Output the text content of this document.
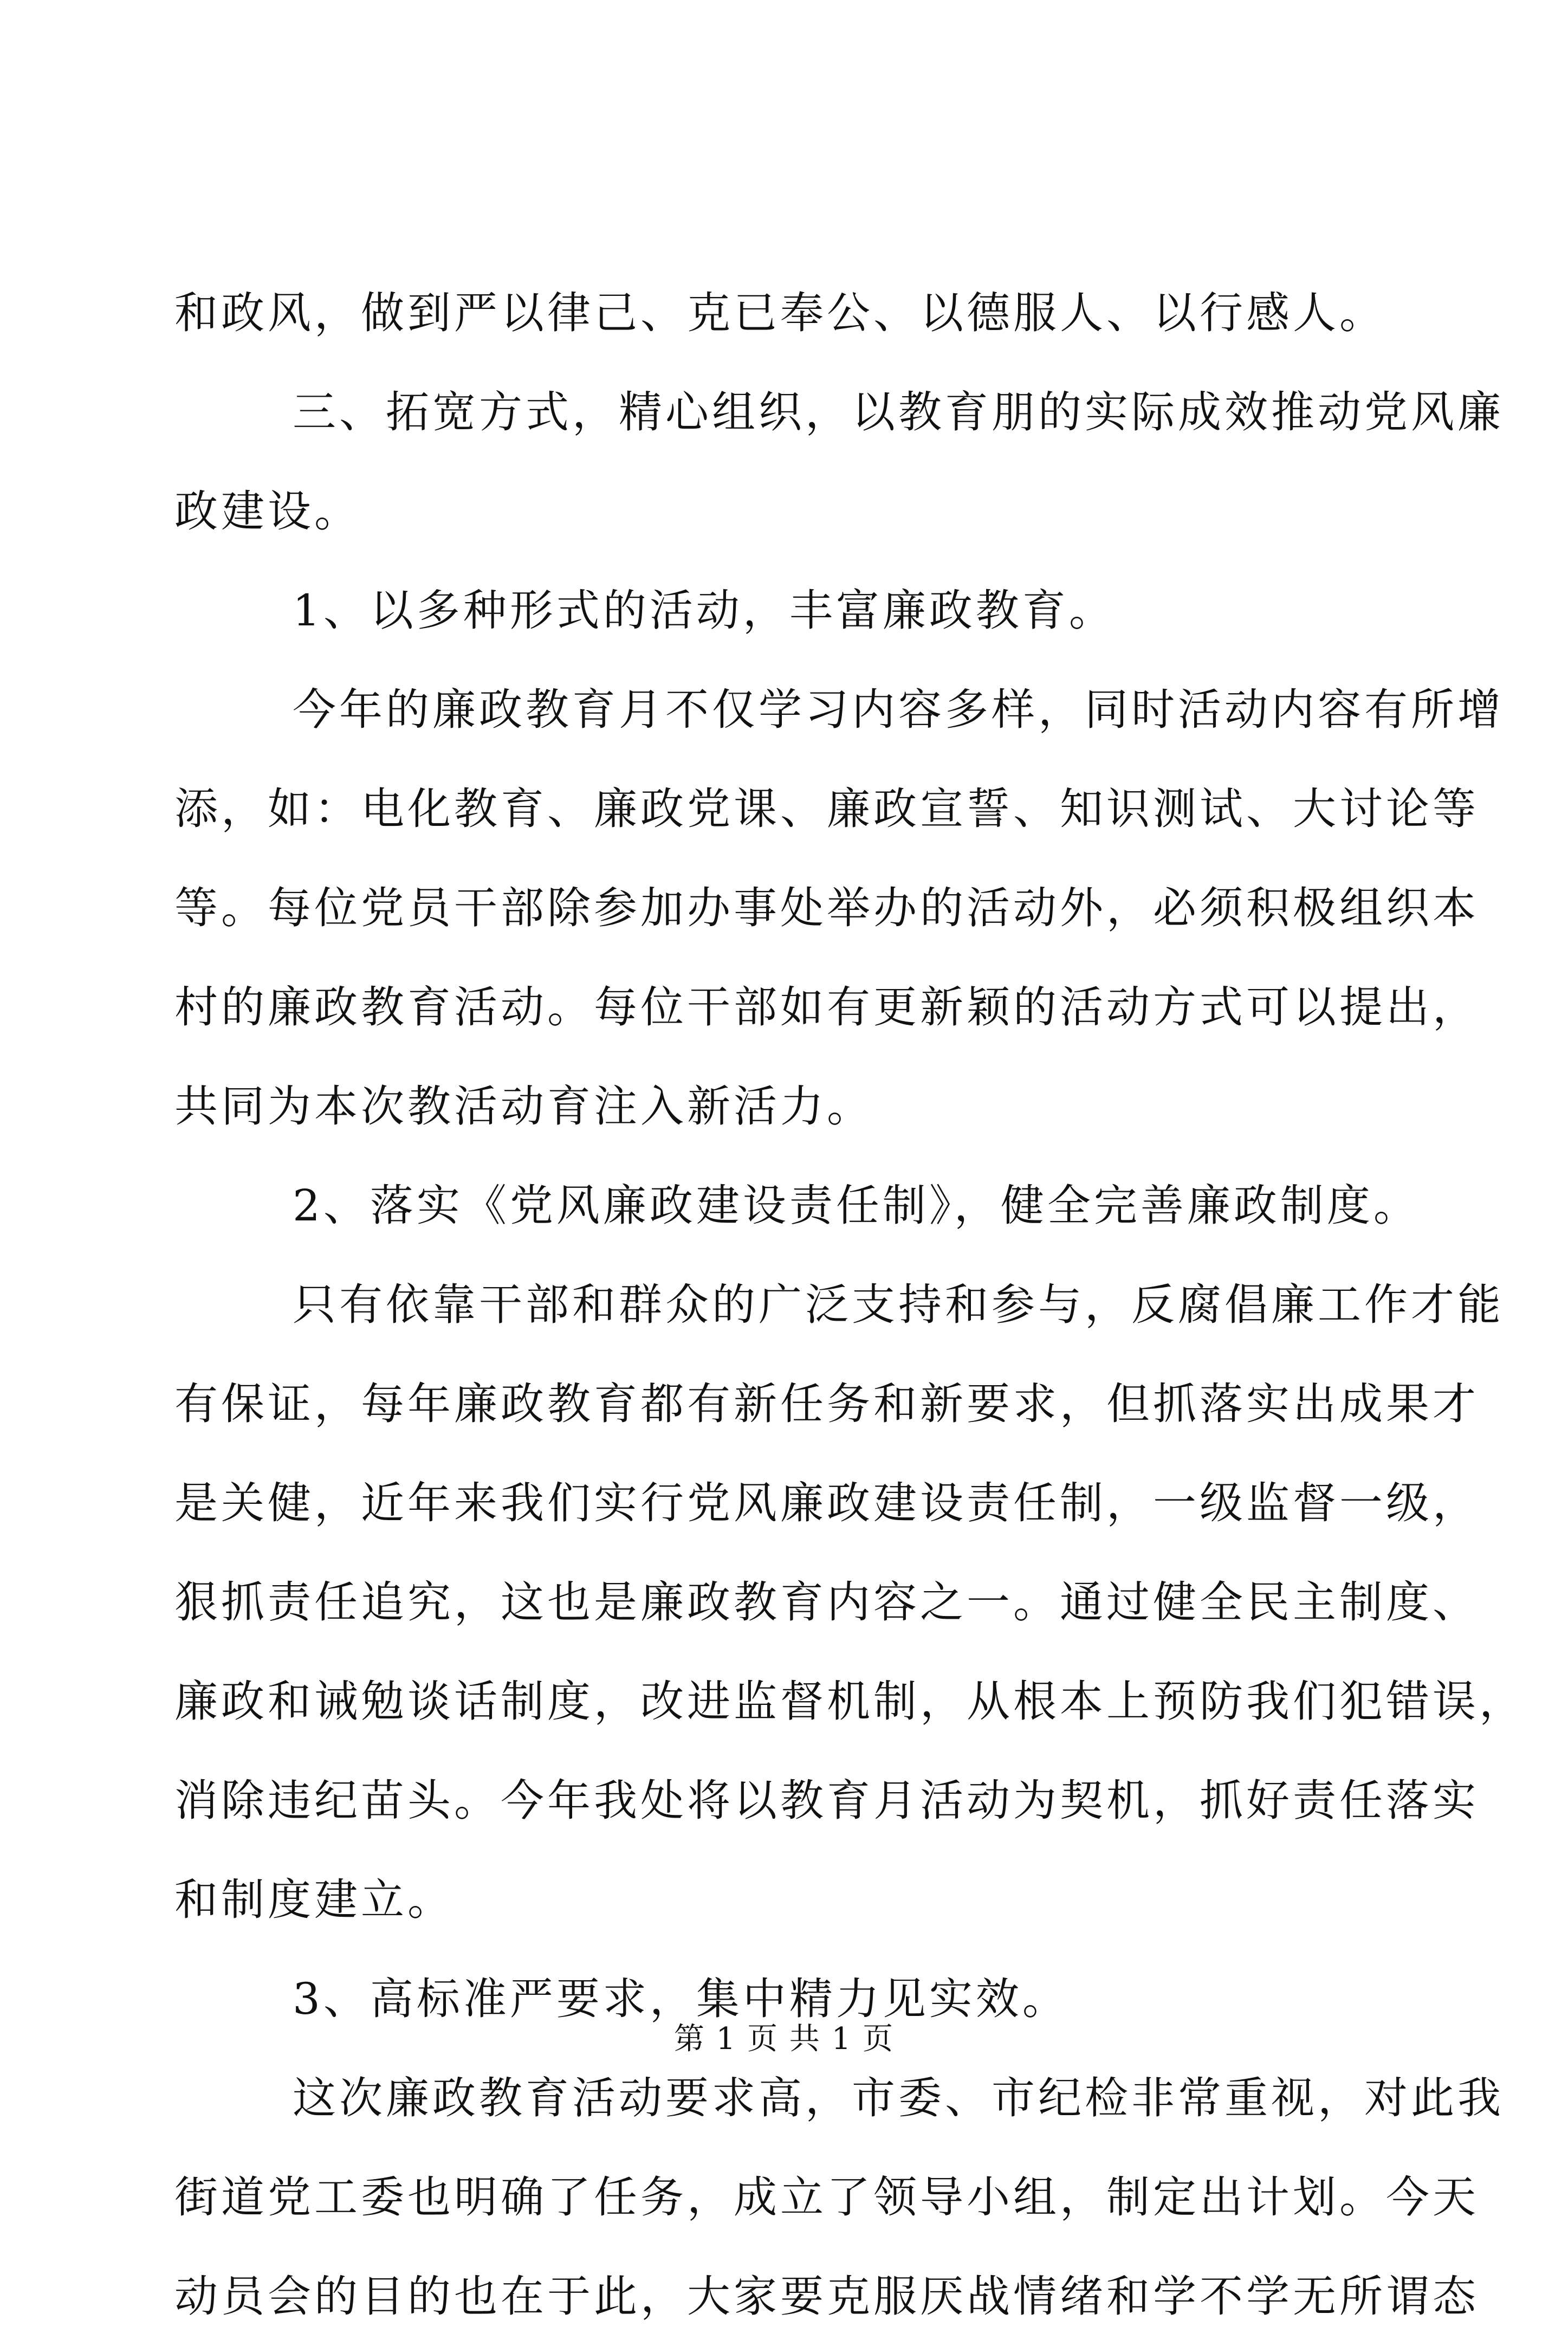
和政风，做到严以律己、克已奉公、以德服人、以行感人。
三、拓宽方式，精心组织，以教育朋的实际成效推动党风廉
政建设。
1、以多种形式的活动，丰富廉政教育。
今年的廉政教育月不仅学习内容多样，同时活动内容有所增
添，如：电化教育、廉政党课、廉政宣誓、知识测试、大讨论等
等。每位党员干部除参加办事处举办的活动外，必须积极组织本
村的廉政教育活动。每位干部如有更新颖的活动方式可以提出，
共同为本次教活动育注入新活力。
2、落实《党风廉政建设责任制》，健全完善廉政制度。
只有依靠干部和群众的广泛支持和参与，反腐倡廉工作才能
有保证，每年廉政教育都有新任务和新要求，但抓落实出成果才
是关健，近年来我们实行党风廉政建设责任制，一级监督一级，
狠抓责任追究，这也是廉政教育内容之一。通过健全民主制度、
廉政和诫勉谈话制度，改进监督机制，从根本上预防我们犯错误，
消除违纪苗头。今年我处将以教育月活动为契机，抓好责任落实
和制度建立。
3、高标准严要求，集中精力见实效。
这次廉政教育活动要求高，市委、市纪检非常重视，对此我
街道党工委也明确了任务，成立了领导小组，制定出计划。今天
动员会的目的也在于此，大家要克服厌战情绪和学不学无所谓态
第 1 页 共 1 页
